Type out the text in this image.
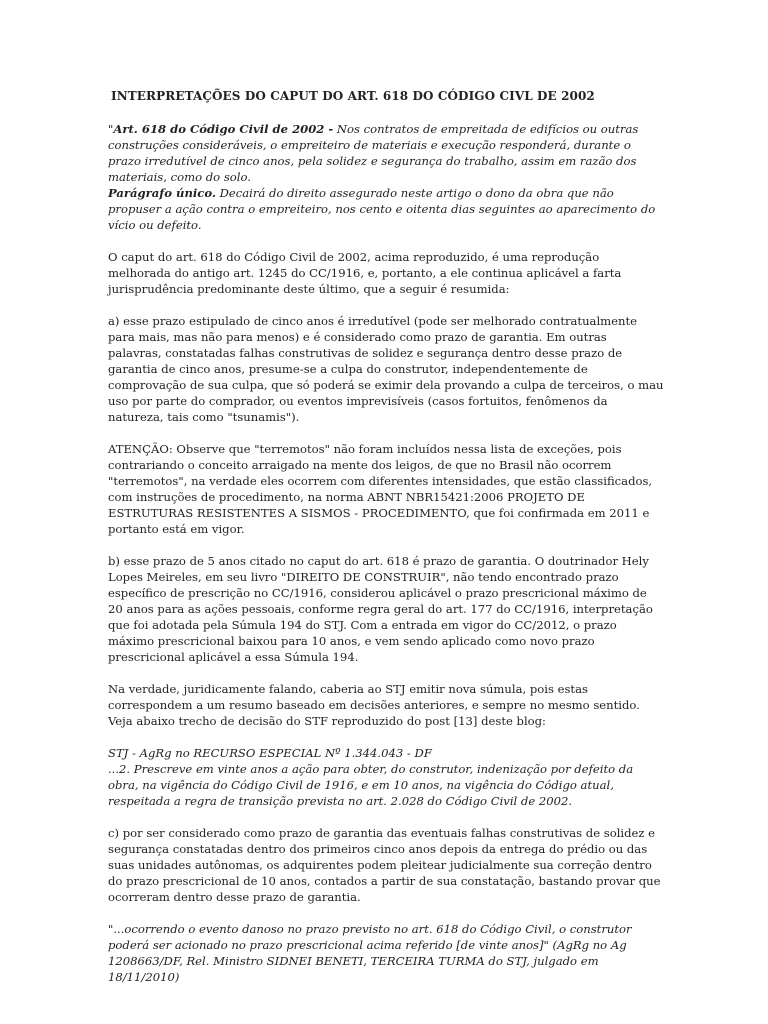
INTERPRETAÇÕES DO CAPUT DO ART. 618 DO CÓDIGO CIVL DE 2002

"Art. 618 do Código Civil de 2002 - Nos contratos de empreitada de edifícios ou outras construções consideráveis, o empreiteiro de materiais e execução responderá, durante o prazo irredutível de cinco anos, pela solidez e segurança do trabalho, assim em razão dos materiais, como do solo.
Parágrafo único. Decairá do direito assegurado neste artigo o dono da obra que não propuser a ação contra o empreiteiro, nos cento e oitenta dias seguintes ao aparecimento do vício ou defeito.

O caput do art. 618 do Código Civil de 2002, acima reproduzido, é uma reprodução melhorada do antigo art. 1245 do CC/1916, e, portanto, a ele continua aplicável a farta jurisprudência predominante deste último, que a seguir é resumida:

a) esse prazo estipulado de cinco anos é irredutível (pode ser melhorado contratualmente para mais, mas não para menos) e é considerado como prazo de garantia. Em outras palavras, constatadas falhas construtivas de solidez e segurança dentro desse prazo de garantia de cinco anos, presume-se a culpa do construtor, independentemente de comprovação de sua culpa, que só poderá se eximir dela provando a culpa de terceiros, o mau uso por parte do comprador, ou eventos imprevisíveis (casos fortuitos, fenômenos da natureza, tais como "tsunamis").

ATENÇÃO: Observe que "terremotos" não foram incluídos nessa lista de exceções, pois contrariando o conceito arraigado na mente dos leigos, de que no Brasil não ocorrem "terremotos", na verdade eles ocorrem com diferentes intensidades, que estão classificados, com instruções de procedimento, na norma ABNT NBR15421:2006 PROJETO DE ESTRUTURAS RESISTENTES A SISMOS - PROCEDIMENTO, que foi confirmada em 2011 e portanto está em vigor.

b) esse prazo de 5 anos citado no caput do art. 618 é prazo de garantia. O doutrinador Hely Lopes Meireles, em seu livro "DIREITO DE CONSTRUIR", não tendo encontrado prazo específico de prescrição no CC/1916, considerou aplicável o prazo prescricional máximo de 20 anos para as ações pessoais, conforme regra geral do art. 177 do CC/1916, interpretação que foi adotada pela Súmula 194 do STJ. Com a entrada em vigor do CC/2012, o prazo máximo prescricional baixou para 10 anos, e vem sendo aplicado como novo prazo prescricional aplicável a essa Súmula 194.

Na verdade, juridicamente falando, caberia ao STJ emitir nova súmula, pois estas correspondem a um resumo baseado em decisões anteriores, e sempre no mesmo sentido. Veja abaixo trecho de decisão do STF reproduzido do post [13] deste blog:

STJ - AgRg no RECURSO ESPECIAL Nº 1.344.043 - DF
...2. Prescreve em vinte anos a ação para obter, do construtor, indenização por defeito da obra, na vigência do Código Civil de 1916, e em 10 anos, na vigência do Código atual, respeitada a regra de transição prevista no art. 2.028 do Código Civil de 2002.

c) por ser considerado como prazo de garantia das eventuais falhas construtivas de solidez e segurança constatadas dentro dos primeiros cinco anos depois da entrega do prédio ou das suas unidades autônomas, os adquirentes podem pleitear judicialmente sua correção dentro do prazo prescricional de 10 anos, contados a partir de sua constatação, bastando provar que ocorreram dentro desse prazo de garantia.

"...ocorrendo o evento danoso no prazo previsto no art. 618 do Código Civil, o construtor poderá ser acionado no prazo prescricional acima referido [de vinte anos]" (AgRg no Ag 1208663/DF, Rel. Ministro SIDNEI BENETI, TERCEIRA TURMA do STJ, julgado em 18/11/2010)
